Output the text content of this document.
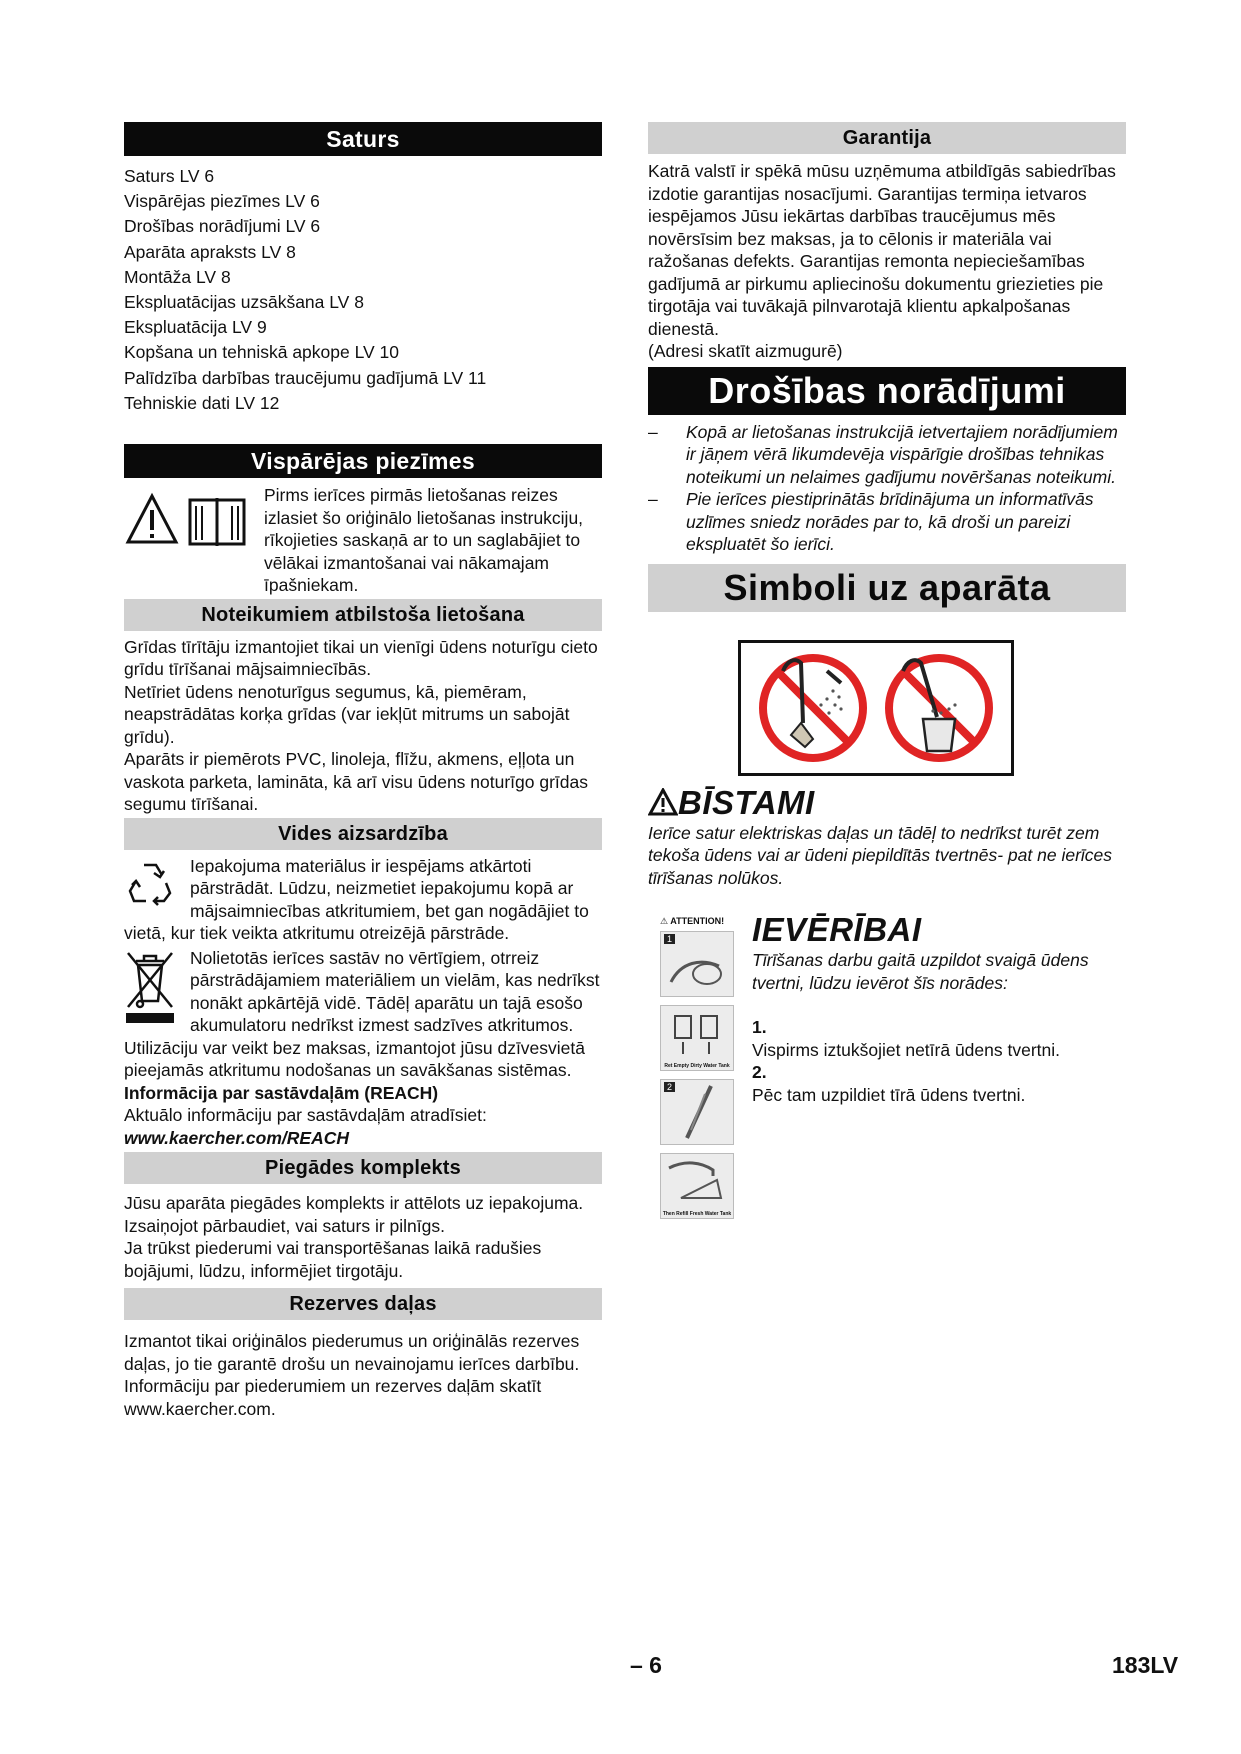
Saturs
Saturs LV 6
Vispārējas piezīmes LV 6
Drošības norādījumi LV 6
Aparāta apraksts LV 8
Montāža LV 8
Ekspluatācijas uzsākšana LV 8
Ekspluatācija LV 9
Kopšana un tehniskā apkope LV 10
Palīdzība darbības traucējumu gadījumā LV 11
Tehniskie dati LV 12
Vispārējas piezīmes

Pirms ierīces pirmās lietošanas reizes izlasiet šo oriģinālo lietošanas instrukciju, rīkojieties saskaņā ar to un saglabājiet to vēlākai izmantošanai vai nākamajam īpašniekam.

Noteikumiem atbilstoša lietošana

Grīdas tīrītāju izmantojiet tikai un vienīgi ūdens noturīgu cieto grīdu tīrīšanai mājsaimniecībās.

Netīriet ūdens nenoturīgus segumus, kā, piemēram, neapstrādātas korķa grīdas (var iekļūt mitrums un sabojāt grīdu).

Aparāts ir piemērots PVC, linoleja, flīžu, akmens, eļļota un vaskota parketa, lamināta, kā arī visu ūdens noturīgo grīdas segumu tīrīšanai.

Vides aizsardzība

Iepakojuma materiālus ir iespējams atkārtoti pārstrādāt. Lūdzu, neizmetiet iepakojumu kopā ar mājsaimniecības atkritumiem, bet gan nogādājiet to vietā, kur tiek veikta atkritumu otreizējā pārstrāde.

Nolietotās ierīces sastāv no vērtīgiem, otrreiz pārstrādājamiem materiāliem un vielām, kas nedrīkst nonākt apkārtējā vidē. Tādēļ aparātu un tajā esošo akumulatoru nedrīkst izmest sadzīves atkritumos. Utilizāciju var veikt bez maksas, izmantojot jūsu dzīvesvietā pieejamās atkritumu nodošanas un savākšanas sistēmas.

Informācija par sastāvdaļām (REACH)

Aktuālo informāciju par sastāvdaļām atradīsiet:

www.kaercher.com/REACH

Piegādes komplekts

Jūsu aparāta piegādes komplekts ir attēlots uz iepakojuma. Izsaiņojot pārbaudiet, vai saturs ir pilnīgs.

Ja trūkst piederumi vai transportēšanas laikā radušies bojājumi, lūdzu, informējiet tirgotāju.

Rezerves daļas

Izmantot tikai oriģinālos piederumus un oriģinālās rezerves daļas, jo tie garantē drošu un nevainojamu ierīces darbību.

Informāciju par piederumiem un rezerves daļām skatīt www.kaercher.com.

Garantija

Katrā valstī ir spēkā mūsu uzņēmuma atbildīgās sabiedrības izdotie garantijas nosacījumi. Garantijas termiņa ietvaros iespējamos Jūsu iekārtas darbības traucējumus mēs novērsīsim bez maksas, ja to cēlonis ir materiāla vai ražošanas defekts. Garantijas remonta nepieciešamības gadījumā ar pirkumu apliecinošu dokumentu griezieties pie tirgotāja vai tuvākajā pilnvarotajā klientu apkalpošanas dienestā.

(Adresi skatīt aizmugurē)

Drošības norādījumi
–	Kopā ar lietošanas instrukcijā ietvertajiem norādījumiem ir jāņem vērā likumdevēja vispārīgie drošības tehnikas noteikumi un nelaimes gadījumu novēršanas noteikumi.
–	Pie ierīces piestiprinātās brīdinājuma un informatīvās uzlīmes sniedz norādes par to, kā droši un pareizi ekspluatēt šo ierīci.
Simboli uz aparāta
BĪSTAMI

Ierīce satur elektriskas daļas un tādēļ to nedrīkst turēt zem tekoša ūdens vai ar ūdeni piepildītās tvertnēs- pat ne ierīces tīrīšanas nolūkos.

⚠ ATTENTION!
1
Ret Empty Dirty Water Tank
2
Then Refill Fresh Water Tank
IEVĒRĪBAI

Tīrīšanas darbu gaitā uzpildot svaigā ūdens tvertni, lūdzu ievērot šīs norādes:

1.

Vispirms iztukšojiet netīrā ūdens tvertni.

2.

Pēc tam uzpildiet tīrā ūdens tvertni.

– 6	183LV
